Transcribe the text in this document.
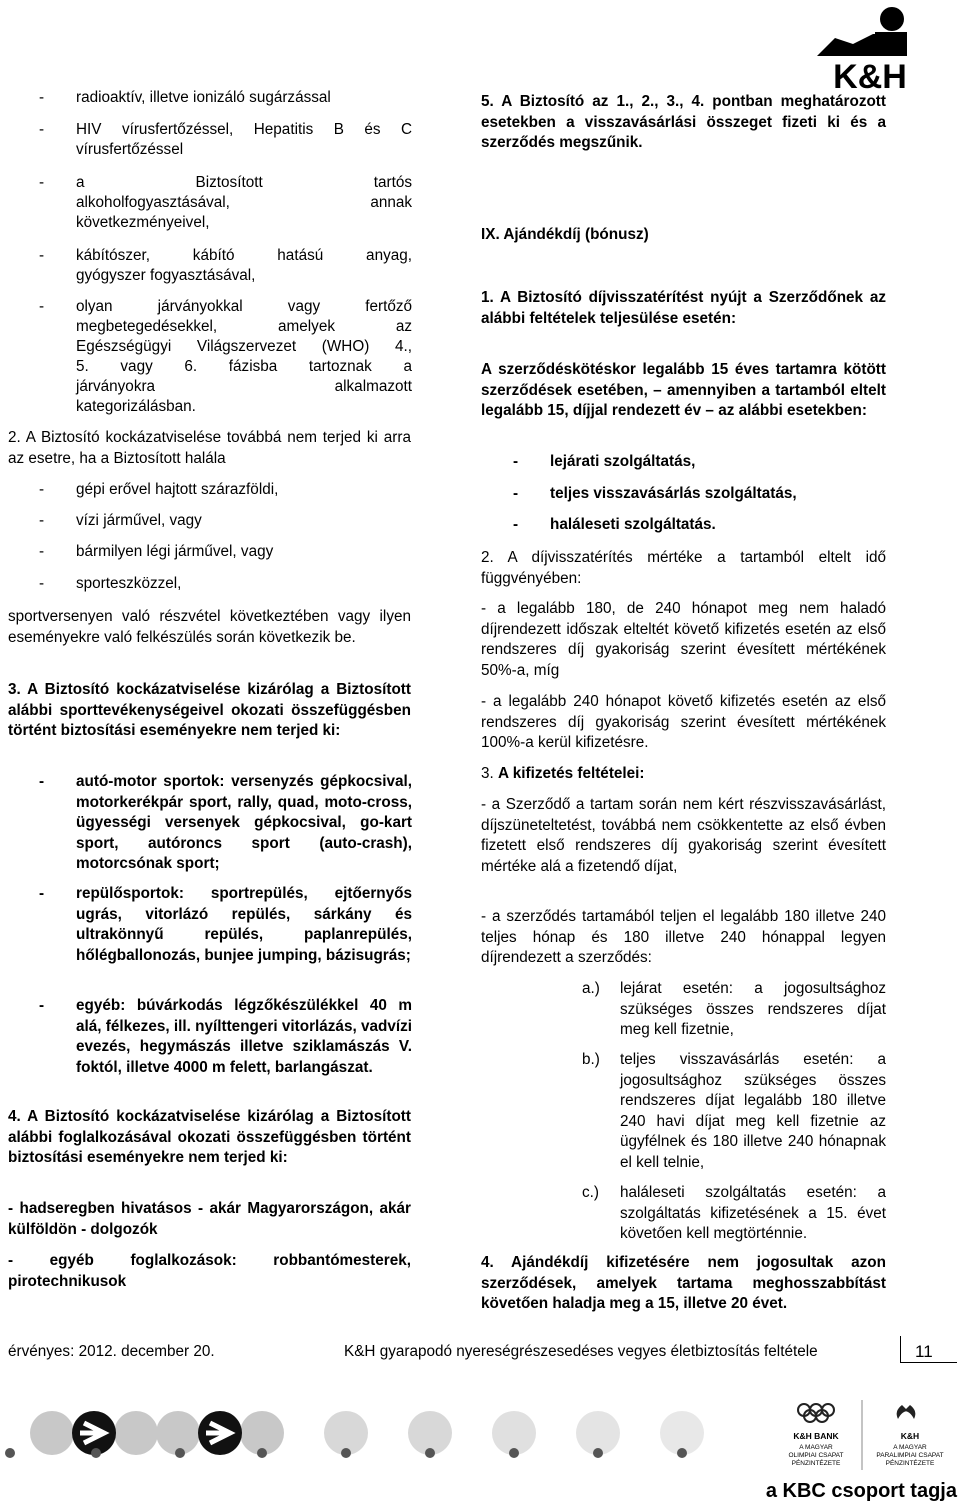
K&H
- radioaktív, illetve ionizáló sugárzással
- HIV vírusfertőzéssel, Hepatitis B és C
vírusfertőzéssel
- a Biztosított tartós
alkoholfogyasztásával, annak
következményeivel,
- kábítószer, kábító hatású anyag,
gyógyszer fogyasztásával,
- olyan járványokkal vagy fertőző
megbetegedésekkel, amelyek az
Egészségügyi Világszervezet (WHO) 4.,
5. vagy 6. fázisba tartoznak a
járványokra alkalmazott
kategorizálásban.
2. A Biztosító kockázatviselése továbbá nem terjed ki arra az esetre, ha a Biztosított halála
- gépi erővel hajtott szárazföldi,
- vízi járművel, vagy
- bármilyen légi járművel, vagy
- sporteszközzel,
sportversenyen való részvétel következtében vagy ilyen eseményekre való felkészülés során következik be.
3. A Biztosító kockázatviselése kizárólag a Biztosított alábbi sporttevékenységeivel okozati összefüggésben történt biztosítási eseményekre nem terjed ki:
- autó-motor sportok: versenyzés gépkocsival, motorkerékpár sport, rally, quad, moto-cross, ügyességi versenyek gépkocsival, go-kart sport, autóroncs sport (auto-crash), motorcsónak sport;
- repülősportok: sportrepülés, ejtőernyős ugrás, vitorlázó repülés, sárkány és ultrakönnyű repülés, paplanrepülés, hőlégballonozás, bunjee jumping, bázisugrás;
- egyéb: búvárkodás légzőkészülékkel 40 m alá, félkezes, ill. nyílttengeri vitorlázás, vadvízi evezés, hegymászás illetve sziklamászás V. foktól, illetve 4000 m felett, barlangászat.
4. A Biztosító kockázatviselése kizárólag a Biztosított alábbi foglalkozásával okozati összefüggésben történt biztosítási eseményekre nem terjed ki:
- hadseregben hivatásos - akár Magyarországon, akár külföldön - dolgozók
- egyéb foglalkozások: robbantómesterek, pirotechnikusok
5. A Biztosító az 1., 2., 3., 4. pontban meghatározott esetekben a visszavásárlási összeget fizeti ki és a szerződés megszűnik.
IX. Ajándékdíj (bónusz)
1. A Biztosító díjvisszatérítést nyújt a Szerződőnek az alábbi feltételek teljesülése esetén:
A szerződéskötéskor legalább 15 éves tartamra kötött szerződések esetében, – amennyiben a tartamból eltelt legalább 15, díjjal rendezett év – az alábbi esetekben:
- lejárati szolgáltatás,
- teljes visszavásárlás szolgáltatás,
- haláleseti szolgáltatás.
2. A díjvisszatérítés mértéke a tartamból eltelt idő függvényében:
- a legalább 180, de 240 hónapot meg nem haladó díjrendezett időszak elteltét követő kifizetés esetén az első rendszeres díj gyakoriság szerint évesített mértékének 50%-a, míg
- a legalább 240 hónapot követő kifizetés esetén az első rendszeres díj gyakoriság szerint évesített mértékének 100%-a kerül kifizetésre.
3. A kifizetés feltételei:
- a Szerződő a tartam során nem kért részvisszavásárlást, díjszüneteltetést, továbbá nem csökkentette az első évben fizetett első rendszeres díj gyakoriság szerint évesített mértéke alá a fizetendő díjat,
- a szerződés tartamából teljen el legalább 180 illetve 240 teljes hónap és 180 illetve 240 hónappal legyen díjrendezett a szerződés:
a.) lejárat esetén: a jogosultsághoz szükséges összes rendszeres díjat meg kell fizetnie,
b.) teljes visszavásárlás esetén: a jogosultsághoz szükséges összes rendszeres díjat legalább 180 illetve 240 havi díjat meg kell fizetnie az ügyfélnek és 180 illetve 240 hónapnak el kell telnie,
c.) haláleseti szolgáltatás esetén: a szolgáltatás kifizetésének a 15. évet követően kell megtörténnie.
4. Ajándékdíj kifizetésére nem jogosultak azon szerződések, amelyek tartama meghosszabbítást követően haladja meg a 15, illetve 20 évet.
érvényes: 2012. december 20.	K&H gyarapodó nyereségrészesedéses vegyes életbiztosítás feltétele	11
K&H BANK
A MAGYAR OLIMPIAI CSAPAT PÉNZINTÉZETE
K&H
A MAGYAR PARALIMPIAI CSAPAT PÉNZINTÉZETE
a KBC csoport tagja
